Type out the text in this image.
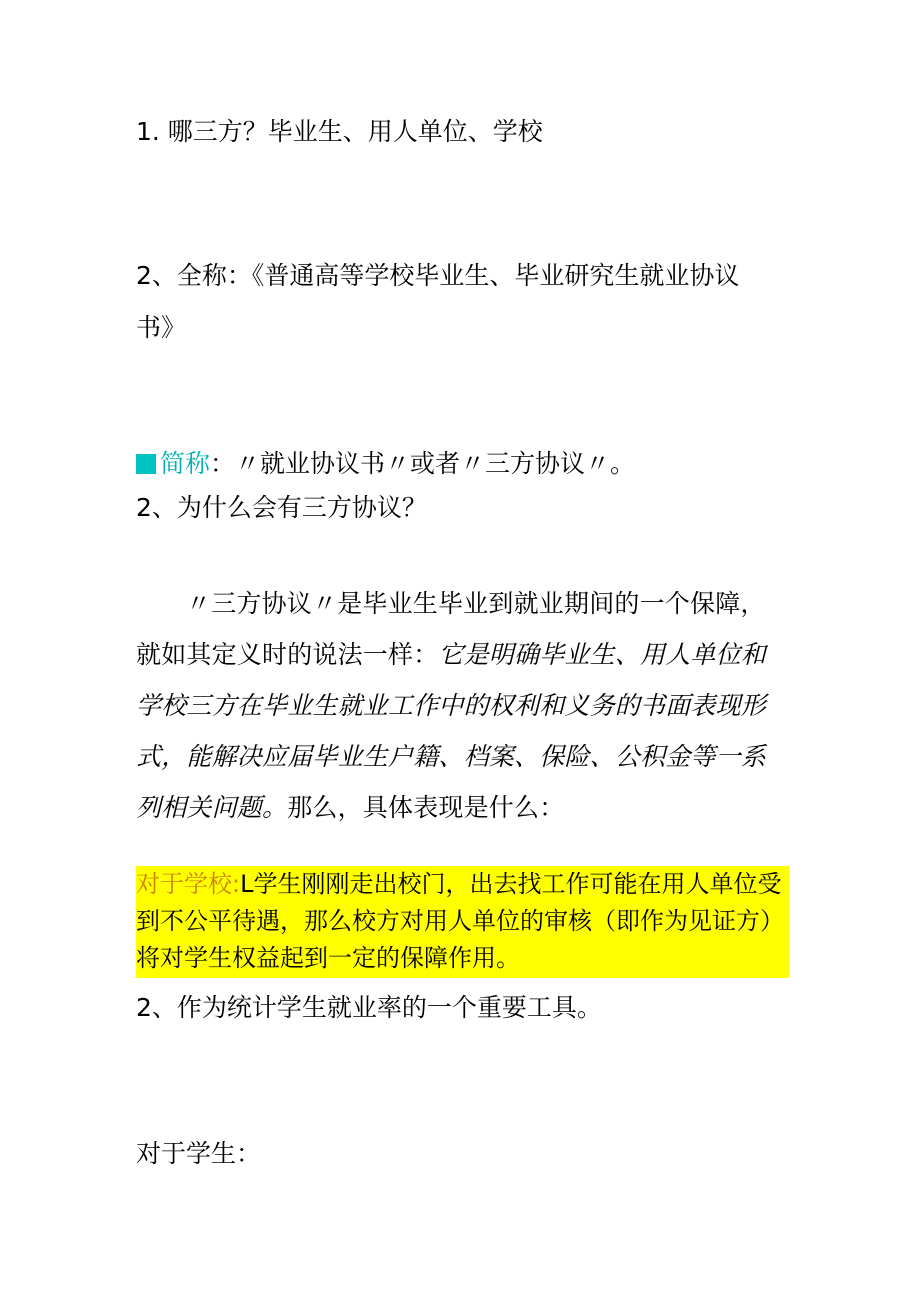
1. 哪三方？毕业生、用人单位、学校

2、全称：《普通高等学校毕业生、毕业研究生就业协议书》

简称：〃就业协议书〃或者〃三方协议〃。

2、为什么会有三方协议？

〃三方协议〃是毕业生毕业到就业期间的一个保障，就如其定义时的说法一样：它是明确毕业生、用人单位和学校三方在毕业生就业工作中的权利和义务的书面表现形式，能解决应届毕业生户籍、档案、保险、公积金等一系列相关问题。那么，具体表现是什么：

对于学校:L学生刚刚走出校门，出去找工作可能在用人单位受到不公平待遇，那么校方对用人单位的审核（即作为见证方）将对学生权益起到一定的保障作用。

2、作为统计学生就业率的一个重要工具。

对于学生：
